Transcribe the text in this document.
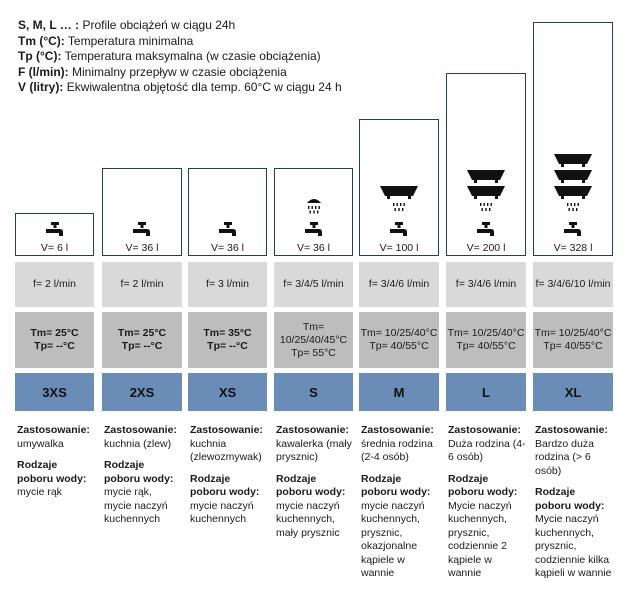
S, M, L … : Profile obciążeń w ciągu 24h
Tm (°C): Temperatura minimalna
Tp (°C): Temperatura maksymalna (w czasie obciążenia)
F (l/min): Minimalny przepływ w czasie obciążenia
V (litry): Ekwiwalentna objętość dla temp. 60°C w ciągu 24 h
V= 6 l
f= 2 l/min
Tm= 25°C
Tp= --°C
3XS
Zastosowanie:
umywalka
Rodzaje poboru wody:
mycie rąk
V= 36 l
f= 2 l/min
Tm= 25°C
Tp= --°C
2XS
Zastosowanie:
kuchnia (zlew)
Rodzaje poboru wody:
mycie rąk, mycie naczyń kuchennych
V= 36 l
f= 3 l/min
Tm= 35°C
Tp= --°C
XS
Zastosowanie:
kuchnia (zlewozmywak)
Rodzaje poboru wody:
mycie naczyń kuchennych
V= 36 l
f= 3/4/5 l/min
Tm= 10/25/40/45°C
Tp= 55°C
S
Zastosowanie:
kawalerka (mały prysznic)
Rodzaje poboru wody:
mycie naczyń kuchennych, mały prysznic
V= 100 l
f= 3/4/6 l/min
Tm= 10/25/40°C
Tp= 40/55°C
M
Zastosowanie:
średnia rodzina (2-4 osób)
Rodzaje poboru wody:
mycie naczyń kuchennych, prysznic, okazjonalne kąpiele w wannie
V= 200 l
f= 3/4/6 l/min
Tm= 10/25/40°C
Tp= 40/55°C
L
Zastosowanie:
Duża rodzina (4-6 osób)
Rodzaje poboru wody:
Mycie naczyń kuchennych, prysznic, codziennie 2 kąpiele w wannie
V= 328 l
f= 3/4/6/10 l/min
Tm= 10/25/40°C
Tp= 40/55°C
XL
Zastosowanie:
Bardzo duża rodzina (> 6 osób)
Rodzaje poboru wody:
Mycie naczyń kuchennych, prysznic, codziennie kilka kąpieli w wannie
